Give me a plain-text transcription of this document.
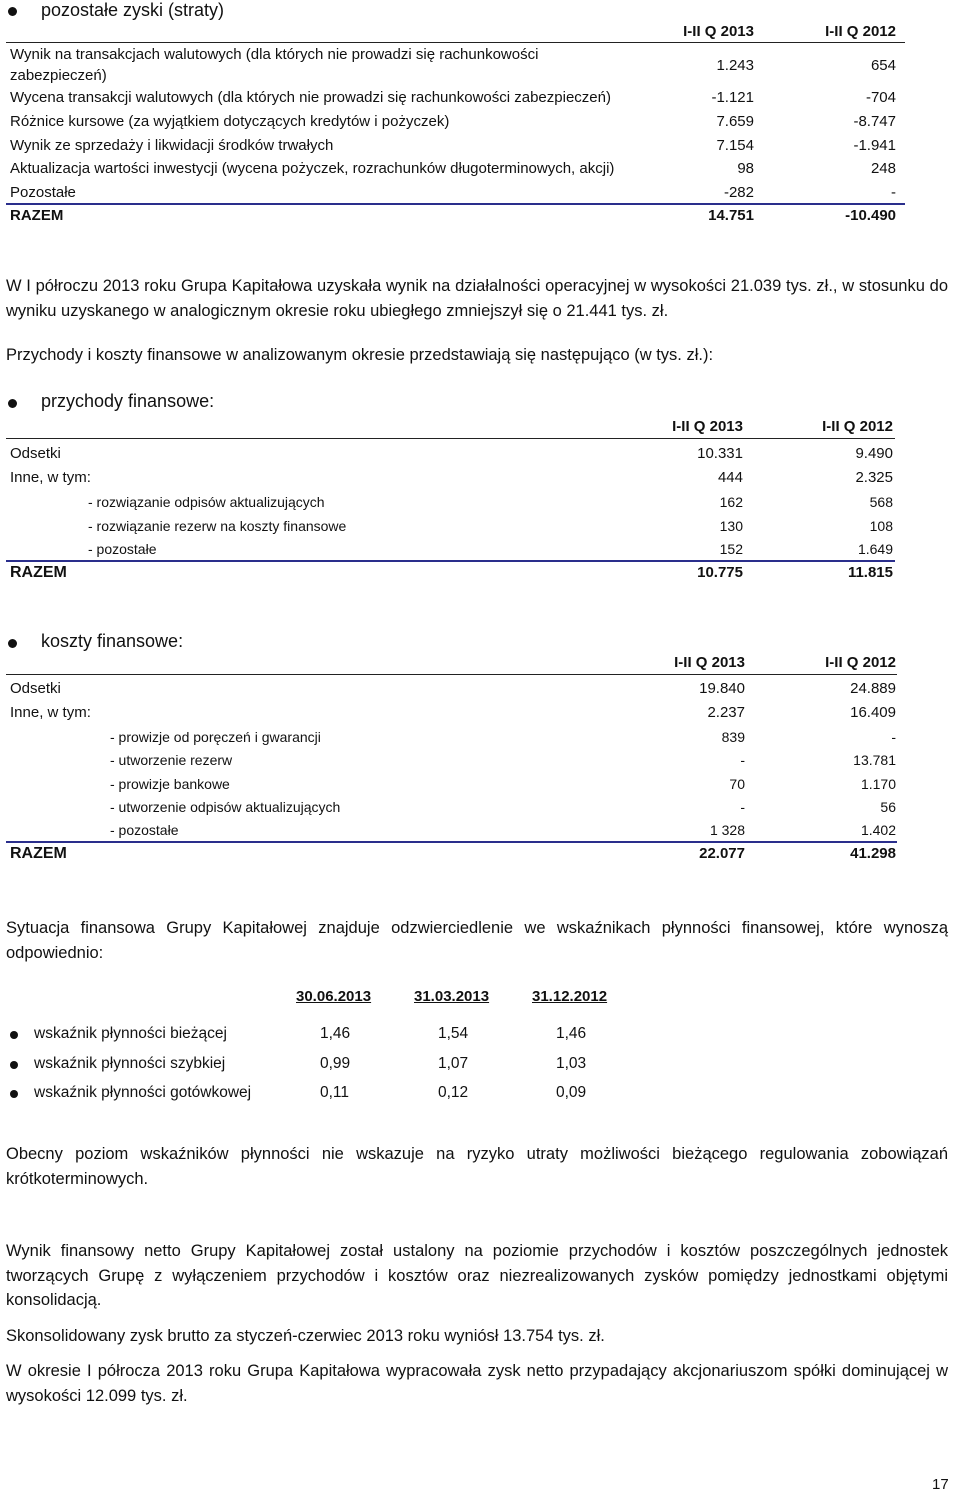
pozostałe zyski (straty)
I-II Q 2013	I-II Q 2012
Wynik na transakcjach walutowych (dla których nie prowadzi się rachunkowości
zabezpieczeń)
1.243	654
Wycena transakcji walutowych (dla których nie prowadzi się rachunkowości zabezpieczeń)	-1.121	-704
Różnice kursowe (za wyjątkiem dotyczących kredytów i pożyczek)	7.659	-8.747
Wynik ze sprzedaży i likwidacji środków trwałych	7.154	-1.941
Aktualizacja wartości inwestycji (wycena pożyczek, rozrachunków długoterminowych, akcji)	98	248
Pozostałe	-282	-
RAZEM	14.751	-10.490
W I półroczu 2013 roku Grupa Kapitałowa uzyskała wynik na działalności operacyjnej w wysokości 21.039 tys. zł., w stosunku do wyniku uzyskanego w analogicznym okresie roku ubiegłego zmniejszył się o 21.441 tys. zł.
Przychody i koszty finansowe w analizowanym okresie przedstawiają się następująco (w tys. zł.):
przychody finansowe:
I-II Q 2013	I-II Q 2012
Odsetki	10.331	9.490
Inne, w tym:	444	2.325
- rozwiązanie odpisów aktualizujących	162	568
- rozwiązanie rezerw na koszty finansowe	130	108
- pozostałe	152	1.649
RAZEM	10.775	11.815
koszty finansowe:
I-II Q 2013	I-II Q 2012
Odsetki	19.840	24.889
Inne, w tym:	2.237	16.409
- prowizje od poręczeń i gwarancji	839	-
- utworzenie rezerw	-	13.781
- prowizje bankowe	70	1.170
- utworzenie odpisów aktualizujących	-	56
- pozostałe	1 328	1.402
RAZEM	22.077	41.298
Sytuacja finansowa Grupy Kapitałowej znajduje odzwierciedlenie we wskaźnikach płynności finansowej, które wynoszą odpowiednio:
30.06.2013	31.03.2013	31.12.2012
wskaźnik płynności bieżącej	1,46	1,54	1,46
wskaźnik płynności szybkiej	0,99	1,07	1,03
wskaźnik płynności gotówkowej	0,11	0,12	0,09
Obecny poziom wskaźników płynności nie wskazuje na ryzyko utraty możliwości bieżącego regulowania zobowiązań krótkoterminowych.
Wynik finansowy netto Grupy Kapitałowej został ustalony na poziomie przychodów i kosztów poszczególnych jednostek tworzących Grupę z wyłączeniem przychodów i kosztów oraz niezrealizowanych zysków pomiędzy jednostkami objętymi konsolidacją.
Skonsolidowany zysk brutto za styczeń-czerwiec 2013 roku wyniósł 13.754 tys. zł.
W okresie I półrocza 2013 roku Grupa Kapitałowa wypracowała zysk netto przypadający akcjonariuszom spółki dominującej w wysokości 12.099 tys. zł.
17
